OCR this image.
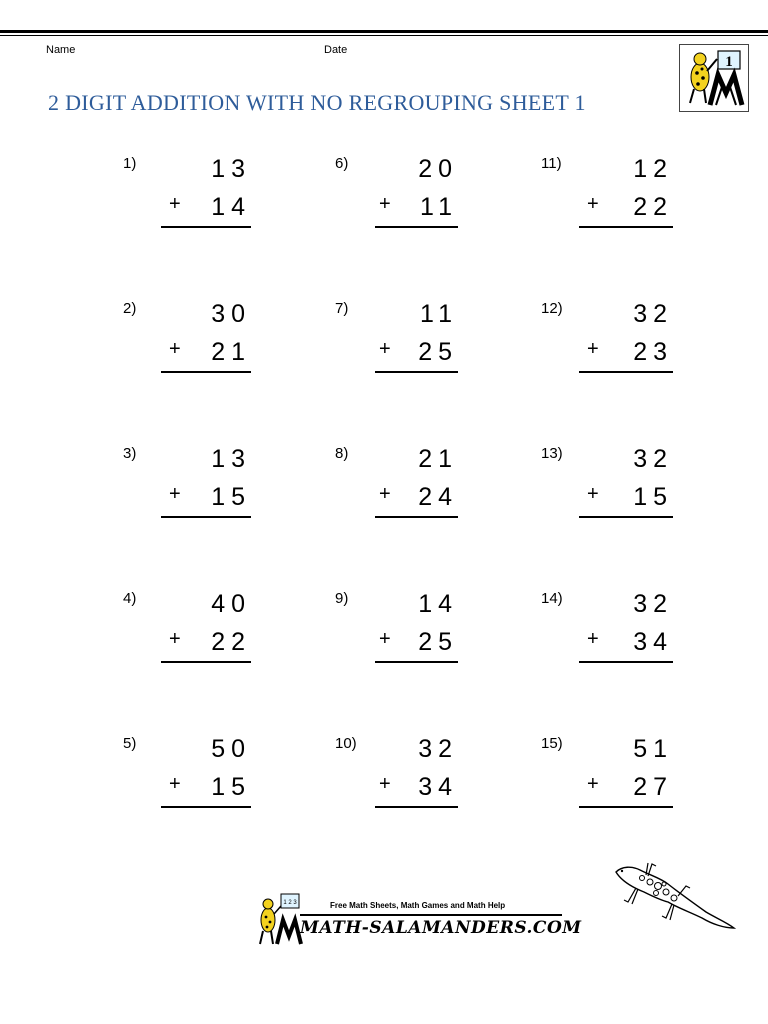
Name	Date
2 DIGIT ADDITION WITH NO REGROUPING SHEET 1
1
1)	13
+ 14
2)	30
+ 21
3)	13
+ 15
4)	40
+ 22
5)	50
+ 15
6)	20
+ 11
7)	11
+ 25
8)	21
+ 24
9)	14
+ 25
10) 32
+ 34
11)	12
+ 22
12)	32
+ 23
13)	32
+ 15
14)	32
+ 34
15)	51
+ 27
1 2 3	Free Math Sheets, Math Games and Math Help
MATH-SALAMANDERS.COM
